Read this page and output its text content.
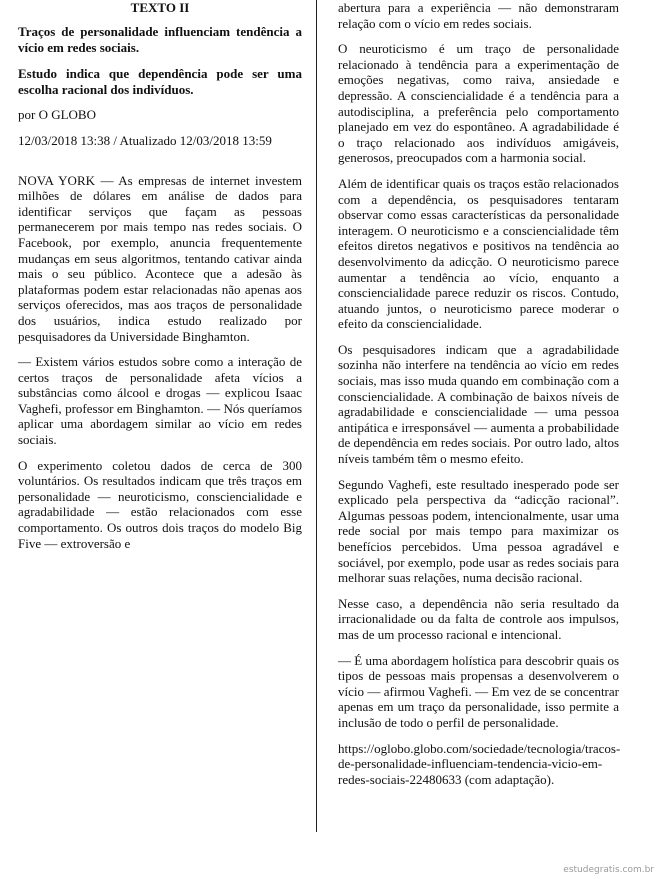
TEXTO II

Traços de personalidade influenciam tendência a vício em redes sociais.

Estudo indica que dependência pode ser uma escolha racional dos indivíduos.

por O GLOBO

12/03/2018 13:38 / Atualizado 12/03/2018 13:59

NOVA YORK — As empresas de internet investem milhões de dólares em análise de dados para identificar serviços que façam as pessoas permanecerem por mais tempo nas redes sociais. O Facebook, por exemplo, anuncia frequentemente mudanças em seus algoritmos, tentando cativar ainda mais o seu público. Acontece que a adesão às plataformas podem estar relacionadas não apenas aos serviços oferecidos, mas aos traços de personalidade dos usuários, indica estudo realizado por pesquisadores da Universidade Binghamton.

— Existem vários estudos sobre como a interação de certos traços de personalidade afeta vícios a substâncias como álcool e drogas — explicou Isaac Vaghefi, professor em Binghamton. — Nós queríamos aplicar uma abordagem similar ao vício em redes sociais.

O experimento coletou dados de cerca de 300 voluntários. Os resultados indicam que três traços em personalidade — neuroticismo, consciencialidade e agradabilidade — estão relacionados com esse comportamento. Os outros dois traços do modelo Big Five — extroversão e

abertura para a experiência — não demonstraram relação com o vício em redes sociais.

O neuroticismo é um traço de personalidade relacionado à tendência para a experimentação de emoções negativas, como raiva, ansiedade e depressão. A consciencialidade é a tendência para a autodisciplina, a preferência pelo comportamento planejado em vez do espontâneo. A agradabilidade é o traço relacionado aos indivíduos amigáveis, generosos, preocupados com a harmonia social.

Além de identificar quais os traços estão relacionados com a dependência, os pesquisadores tentaram observar como essas características da personalidade interagem. O neuroticismo e a consciencialidade têm efeitos diretos negativos e positivos na tendência ao desenvolvimento da adicção. O neuroticismo parece aumentar a tendência ao vício, enquanto a consciencialidade parece reduzir os riscos. Contudo, atuando juntos, o neuroticismo parece moderar o efeito da consciencialidade.

Os pesquisadores indicam que a agradabilidade sozinha não interfere na tendência ao vício em redes sociais, mas isso muda quando em combinação com a consciencialidade. A combinação de baixos níveis de agradabilidade e consciencialidade — uma pessoa antipática e irresponsável — aumenta a probabilidade de dependência em redes sociais. Por outro lado, altos níveis também têm o mesmo efeito.

Segundo Vaghefi, este resultado inesperado pode ser explicado pela perspectiva da “adicção racional”. Algumas pessoas podem, intencionalmente, usar uma rede social por mais tempo para maximizar os benefícios percebidos. Uma pessoa agradável e sociável, por exemplo, pode usar as redes sociais para melhorar suas relações, numa decisão racional.

Nesse caso, a dependência não seria resultado da irracionalidade ou da falta de controle aos impulsos, mas de um processo racional e intencional.

— É uma abordagem holística para descobrir quais os tipos de pessoas mais propensas a desenvolverem o vício — afirmou Vaghefi. — Em vez de se concentrar apenas em um traço da personalidade, isso permite a inclusão de todo o perfil de personalidade.

https://oglobo.globo.com/sociedade/tecnologia/tracos-de-personalidade-influenciam-tendencia-vicio-em-redes-sociais-22480633 (com adaptação).

estudegratis.com.br
